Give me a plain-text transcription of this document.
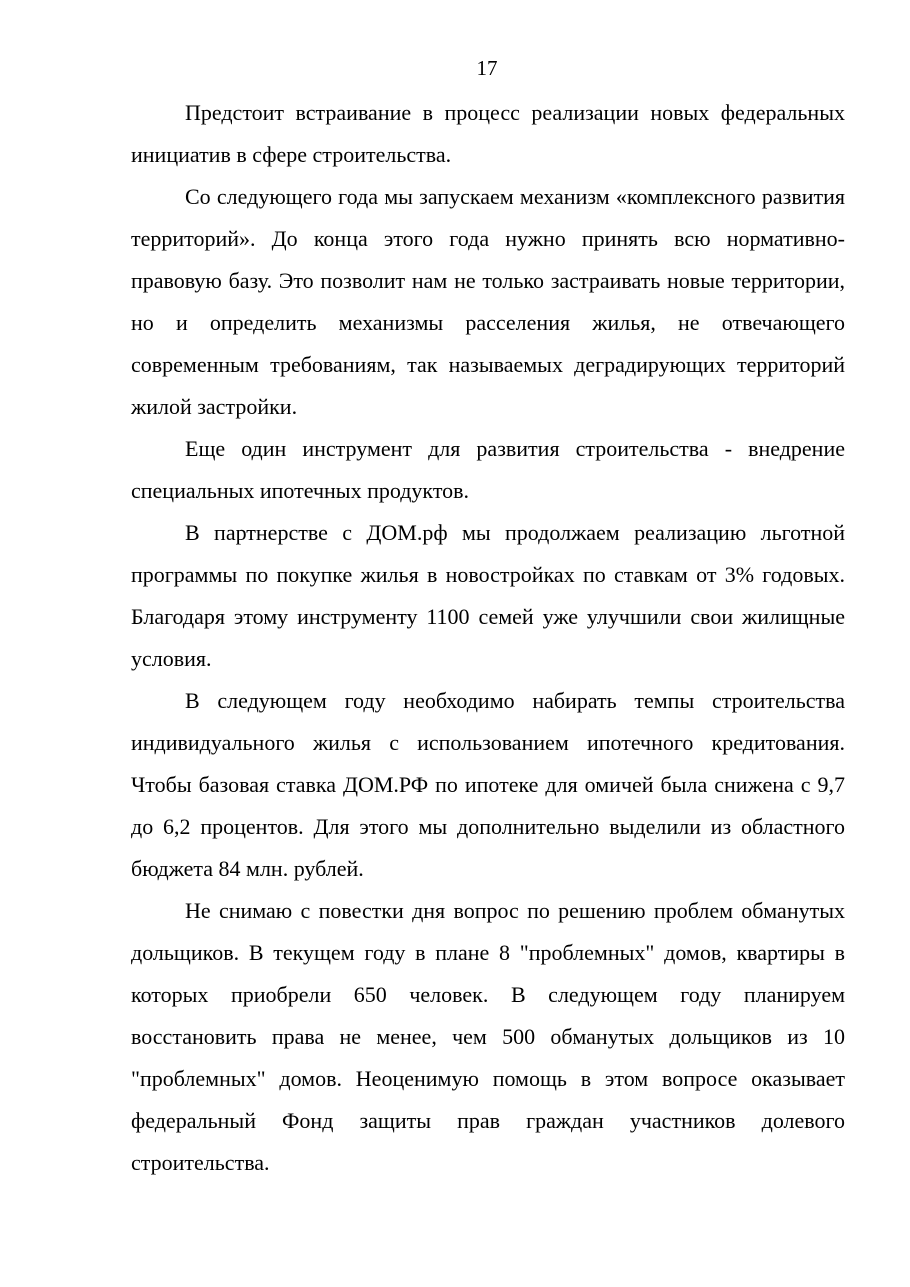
17

Предстоит встраивание в процесс реализации новых федеральных инициатив в сфере строительства.

Со следующего года мы запускаем механизм «комплексного развития территорий». До конца этого года нужно принять всю нормативно-правовую базу. Это позволит нам не только застраивать новые территории, но и определить механизмы расселения жилья, не отвечающего современным требованиям, так называемых деградирующих территорий жилой застройки.

Еще один инструмент для развития строительства - внедрение специальных ипотечных продуктов.

В партнерстве с ДОМ.рф мы продолжаем реализацию льготной программы по покупке жилья в новостройках по ставкам от 3% годовых. Благодаря этому инструменту 1100 семей уже улучшили свои жилищные условия.

В следующем году необходимо набирать темпы строительства индивидуального жилья с использованием ипотечного кредитования. Чтобы базовая ставка ДОМ.РФ по ипотеке для омичей была снижена с 9,7 до 6,2 процентов. Для этого мы дополнительно выделили из областного бюджета 84 млн. рублей.

Не снимаю с повестки дня вопрос по решению проблем обманутых дольщиков. В текущем году в плане 8 "проблемных" домов, квартиры в которых приобрели 650 человек. В следующем году планируем восстановить права не менее, чем 500 обманутых дольщиков из 10 "проблемных" домов. Неоценимую помощь в этом вопросе оказывает федеральный Фонд защиты прав граждан участников долевого строительства.
